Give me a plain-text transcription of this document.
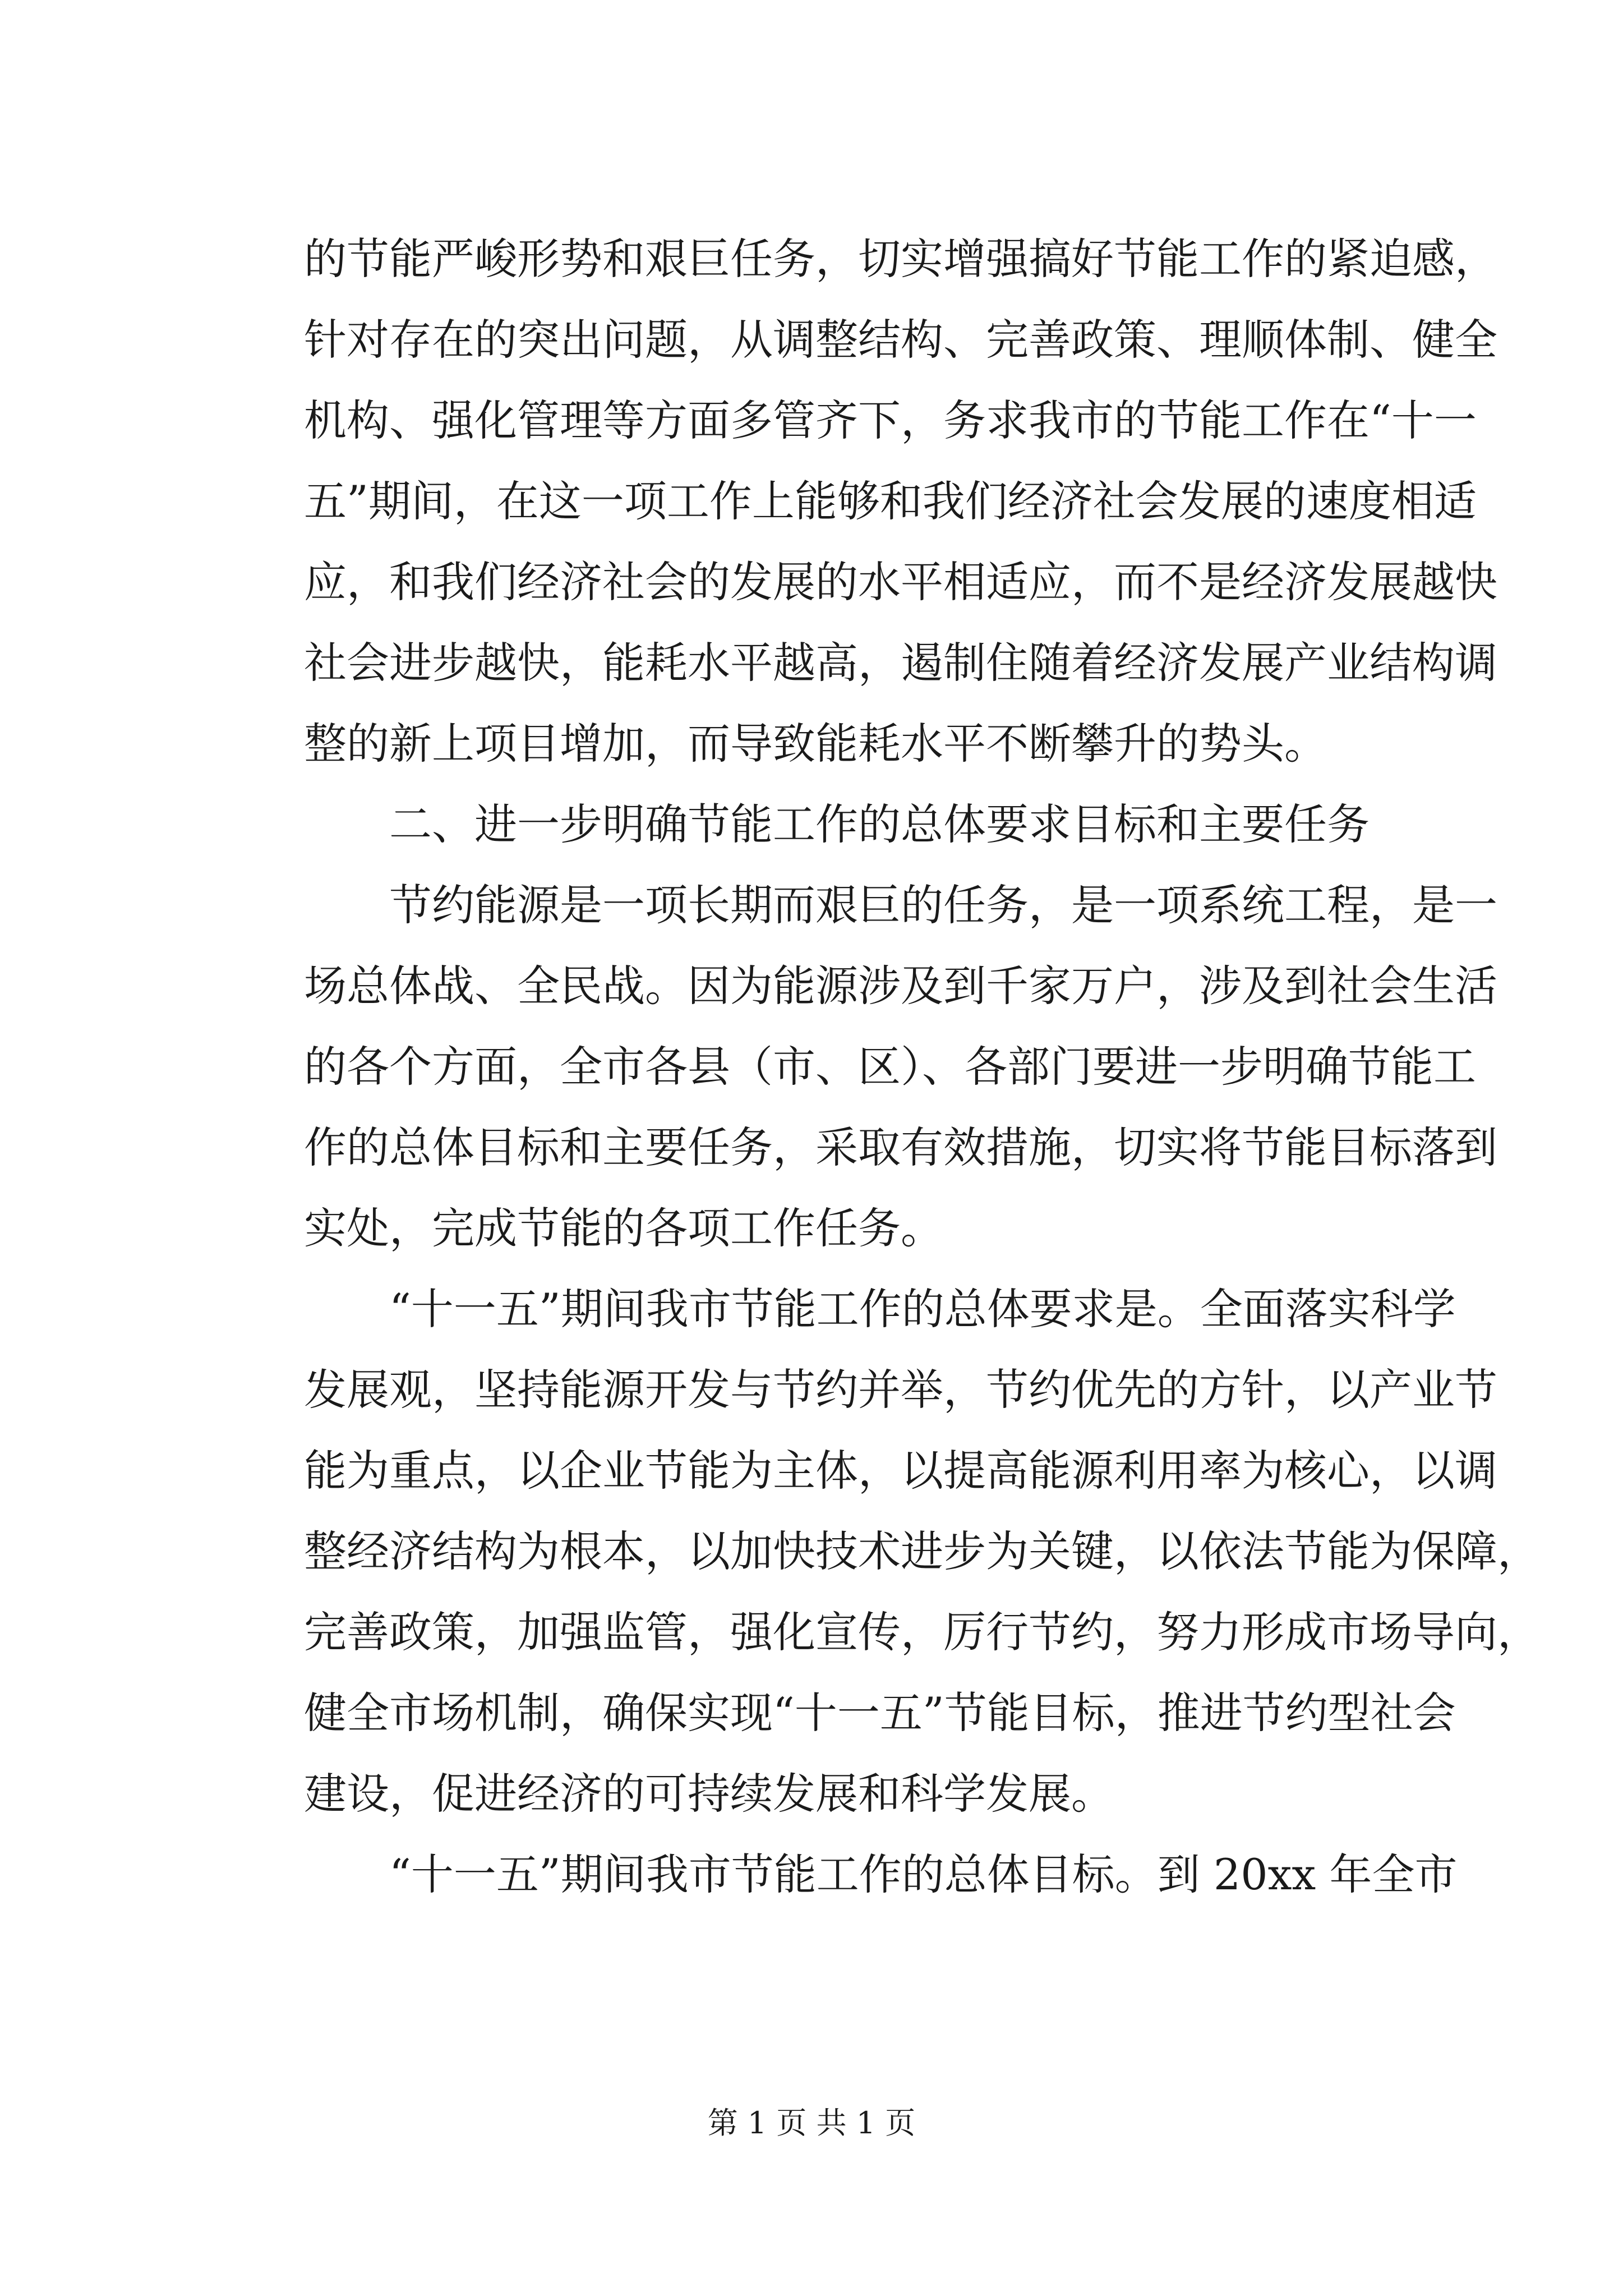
的节能严峻形势和艰巨任务，切实增强搞好节能工作的紧迫感，
针对存在的突出问题，从调整结构、完善政策、理顺体制、健全
机构、强化管理等方面多管齐下，务求我市的节能工作在“十一
五”期间，在这一项工作上能够和我们经济社会发展的速度相适
应，和我们经济社会的发展的水平相适应，而不是经济发展越快
社会进步越快，能耗水平越高，遏制住随着经济发展产业结构调
整的新上项目增加，而导致能耗水平不断攀升的势头。
二、进一步明确节能工作的总体要求目标和主要任务
节约能源是一项长期而艰巨的任务，是一项系统工程，是一
场总体战、全民战。因为能源涉及到千家万户，涉及到社会生活
的各个方面，全市各县（市、区）、各部门要进一步明确节能工
作的总体目标和主要任务，采取有效措施，切实将节能目标落到
实处，完成节能的各项工作任务。
“十一五”期间我市节能工作的总体要求是。全面落实科学
发展观，坚持能源开发与节约并举，节约优先的方针，以产业节
能为重点，以企业节能为主体，以提高能源利用率为核心，以调
整经济结构为根本，以加快技术进步为关键，以依法节能为保障，
完善政策，加强监管，强化宣传，厉行节约，努力形成市场导向，
健全市场机制，确保实现“十一五”节能目标，推进节约型社会
建设，促进经济的可持续发展和科学发展。
“十一五”期间我市节能工作的总体目标。到 20xx 年全市
第 1 页 共 1 页
